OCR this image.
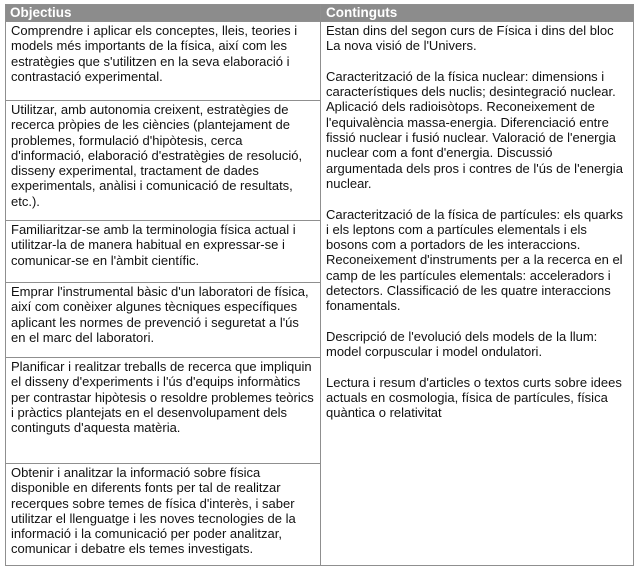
Objectius	Continguts
Comprendre i aplicar els conceptes, lleis, teories i models més importants de la física, així com les estratègies que s'utilitzen en la seva elaboració i contrastació experimental.
Utilitzar, amb autonomia creixent, estratègies de recerca pròpies de les ciències (plantejament de problemes, formulació d'hipòtesis, cerca d'informació, elaboració d'estratègies de resolució, disseny experimental, tractament de dades experimentals, anàlisi i comunicació de resultats, etc.).
Familiaritzar-se amb la terminologia física actual i utilitzar-la de manera habitual en expressar-se i comunicar-se en l'àmbit científic.
Emprar l'instrumental bàsic d'un laboratori de física, així com conèixer algunes tècniques específiques aplicant les normes de prevenció i seguretat a l'ús en el marc del laboratori.
Planificar i realitzar treballs de recerca que impliquin el disseny d'experiments i l'ús d'equips informàtics per contrastar hipòtesis o resoldre problemes teòrics i pràctics plantejats en el desenvolupament dels continguts d'aquesta matèria.
Obtenir i analitzar la informació sobre física disponible en diferents fonts per tal de realitzar recerques sobre temes de física d'interès, i saber utilitzar el llenguatge i les noves tecnologies de la informació i la comunicació per poder analitzar, comunicar i debatre els temes investigats.

Estan dins del segon curs de Física i dins del bloc La nova visió de l'Univers.

Caracterització de la física nuclear: dimensions i característiques dels nuclis; desintegració nuclear. Aplicació dels radioisòtops. Reconeixement de l'equivalència massa-energia. Diferenciació entre fissió nuclear i fusió nuclear. Valoració de l'energia nuclear com a font d'energia. Discussió argumentada dels pros i contres de l'ús de l'energia nuclear.

Caracterització de la física de partícules: els quarks i els leptons com a partícules elementals i els bosons com a portadors de les interaccions. Reconeixement d'instruments per a la recerca en el camp de les partícules elementals: acceleradors i detectors. Classificació de les quatre interaccions fonamentals.

Descripció de l'evolució dels models de la llum: model corpuscular i model ondulatori.

Lectura i resum d'articles o textos curts sobre idees actuals en cosmologia, física de partícules, física quàntica o relativitat
